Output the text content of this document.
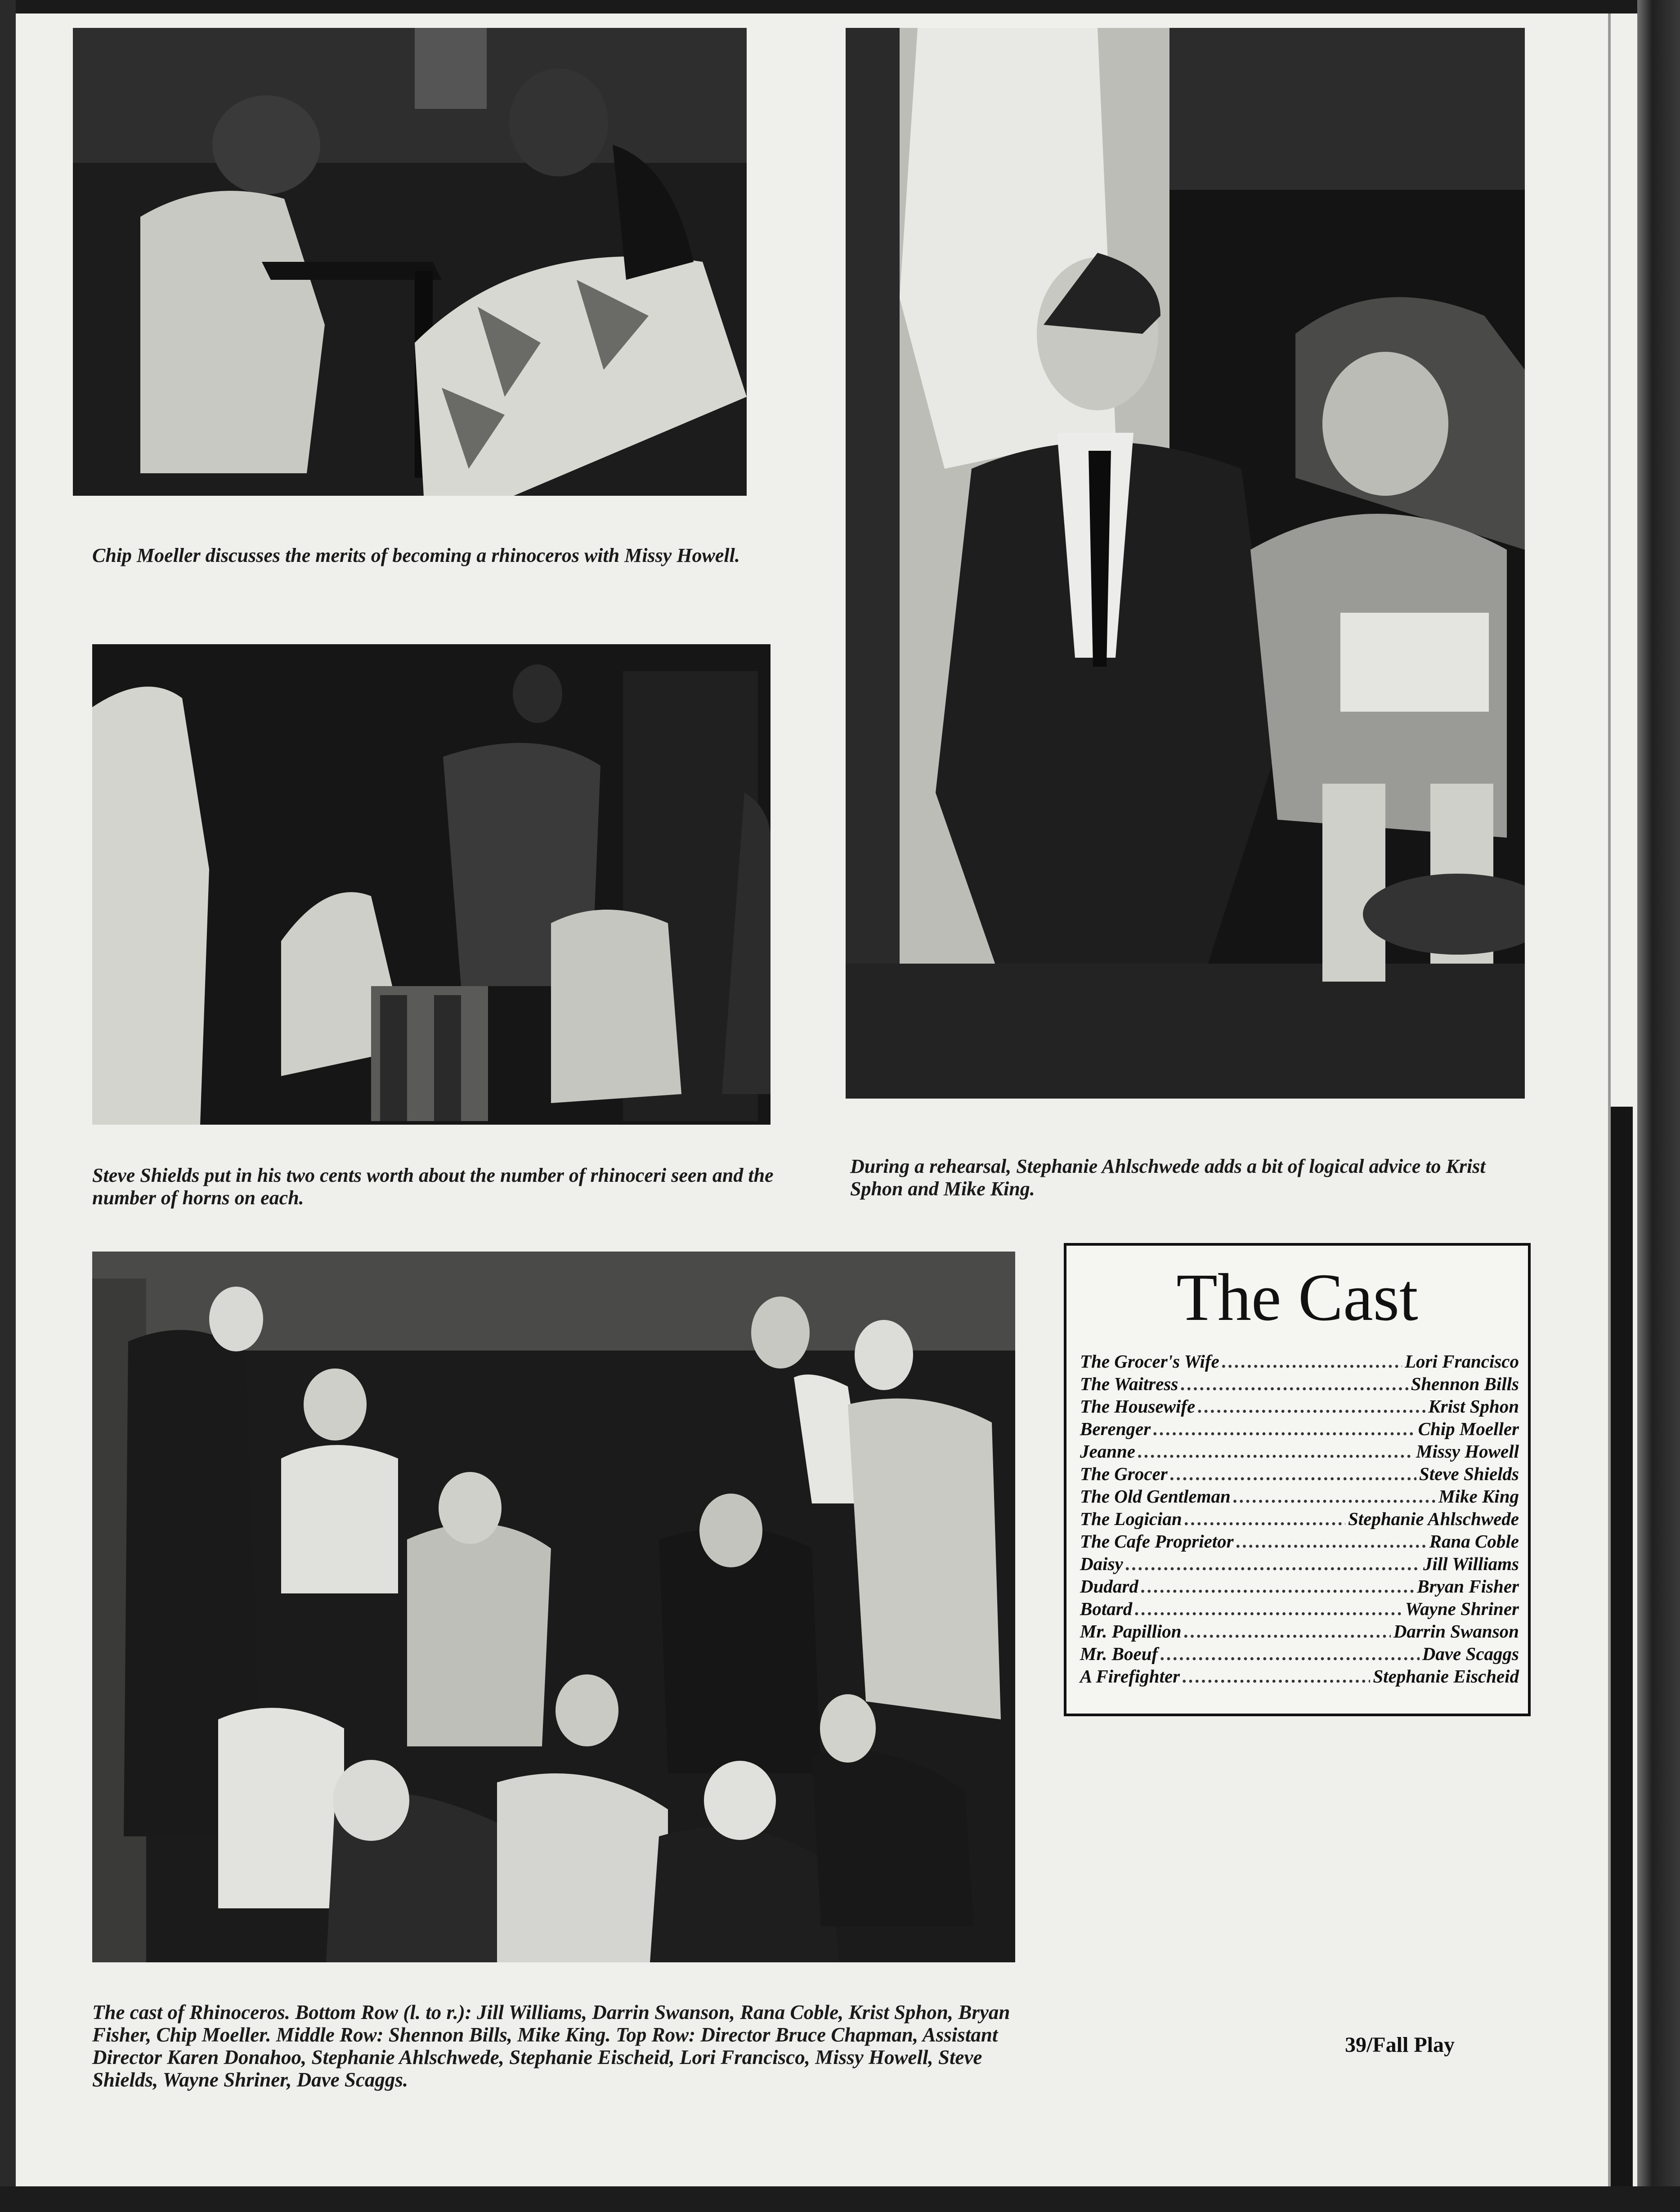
Chip Moeller discusses the merits of becoming a rhinoceros with Missy Howell.

Steve Shields put in his two cents worth about the number of rhinoceri seen and the number of horns on each.

During a rehearsal, Stephanie Ahlschwede adds a bit of logical advice to Krist Sphon and Mike King.

The cast of Rhinoceros. Bottom Row (l. to r.): Jill Williams, Darrin Swanson, Rana Coble, Krist Sphon, Bryan Fisher, Chip Moeller. Middle Row: Shennon Bills, Mike King. Top Row: Director Bruce Chapman, Assistant Director Karen Donahoo, Stephanie Ahlschwede, Stephanie Eischeid, Lori Francisco, Missy Howell, Steve Shields, Wayne Shriner, Dave Scaggs.

The Cast
The Grocer's Wife .....	Lori Francisco
The Waitress .....	Shennon Bills
The Housewife .....	Krist Sphon
Berenger .....	Chip Moeller
Jeanne .....	Missy Howell
The Grocer .....	Steve Shields
The Old Gentleman .....	Mike King
The Logician .....	Stephanie Ahlschwede
The Cafe Proprietor .....	Rana Coble
Daisy .....	Jill Williams
Dudard .....	Bryan Fisher
Botard .....	Wayne Shriner
Mr. Papillion .....	Darrin Swanson
Mr. Boeuf .....	Dave Scaggs
A Firefighter .....	Stephanie Eischeid

39/Fall Play
